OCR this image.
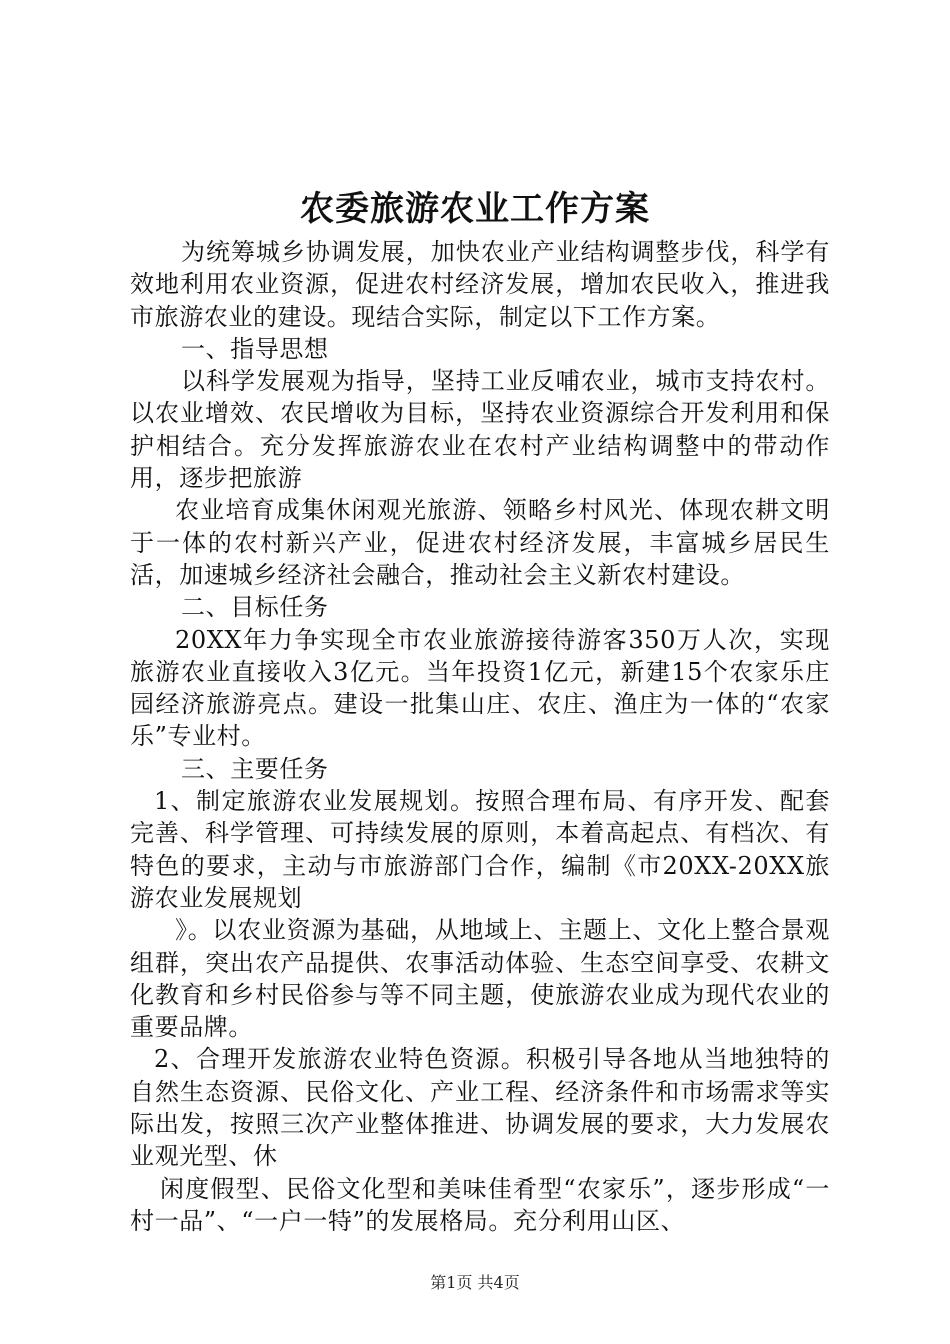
农委旅游农业工作方案

为统筹城乡协调发展，加快农业产业结构调整步伐，科学有效地利用农业资源，促进农村经济发展，增加农民收入，推进我市旅游农业的建设。现结合实际，制定以下工作方案。

一、指导思想

以科学发展观为指导，坚持工业反哺农业，城市支持农村。以农业增效、农民增收为目标，坚持农业资源综合开发利用和保护相结合。充分发挥旅游农业在农村产业结构调整中的带动作用，逐步把旅游

农业培育成集休闲观光旅游、领略乡村风光、体现农耕文明于一体的农村新兴产业，促进农村经济发展，丰富城乡居民生活，加速城乡经济社会融合，推动社会主义新农村建设。

二、目标任务

20XX年力争实现全市农业旅游接待游客350万人次，实现旅游农业直接收入3亿元。当年投资1亿元，新建15个农家乐庄园经济旅游亮点。建设一批集山庄、农庄、渔庄为一体的“农家乐”专业村。

三、主要任务

1、制定旅游农业发展规划。按照合理布局、有序开发、配套完善、科学管理、可持续发展的原则，本着高起点、有档次、有特色的要求，主动与市旅游部门合作，编制《市20XX-20XX旅游农业发展规划

》。以农业资源为基础，从地域上、主题上、文化上整合景观组群，突出农产品提供、农事活动体验、生态空间享受、农耕文化教育和乡村民俗参与等不同主题，使旅游农业成为现代农业的重要品牌。

2、合理开发旅游农业特色资源。积极引导各地从当地独特的自然生态资源、民俗文化、产业工程、经济条件和市场需求等实际出发，按照三次产业整体推进、协调发展的要求，大力发展农业观光型、休

闲度假型、民俗文化型和美味佳肴型“农家乐”，逐步形成“一村一品”、“一户一特”的发展格局。充分利用山区、

第1页 共4页
